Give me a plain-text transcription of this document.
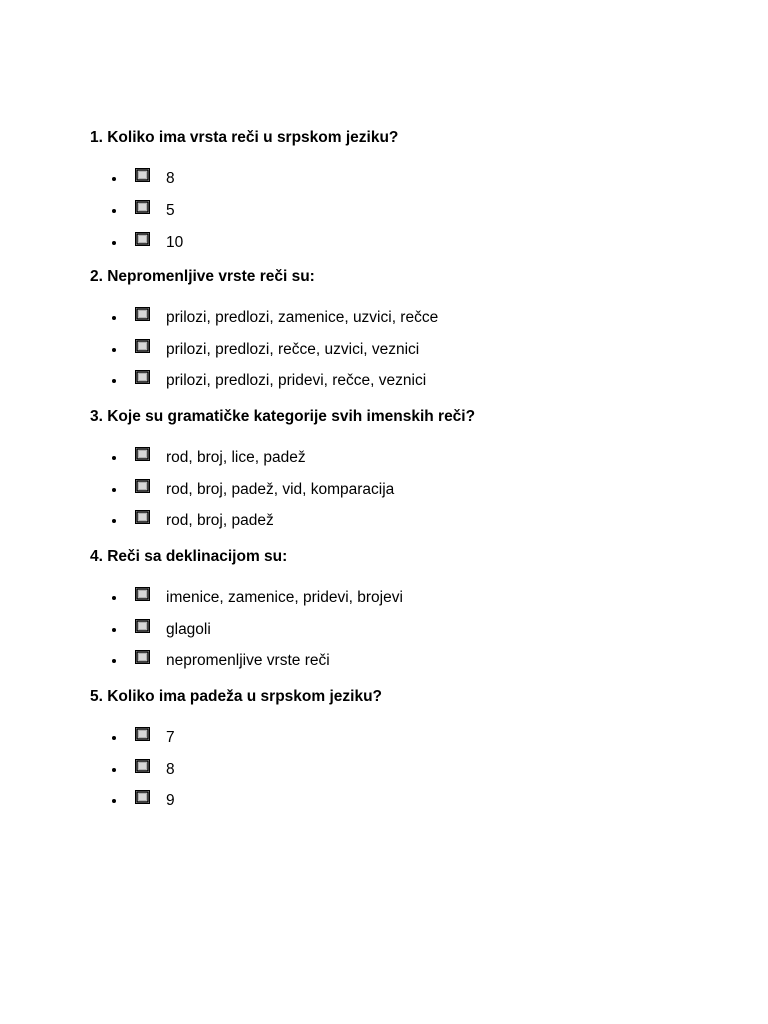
1. Koliko ima vrsta reči u srpskom jeziku?
8
5
10
2. Nepromenljive vrste reči su:
prilozi, predlozi, zamenice, uzvici, rečce
prilozi, predlozi, rečce, uzvici, veznici
prilozi, predlozi, pridevi, rečce, veznici
3. Koje su gramatičke kategorije svih imenskih reči?
rod, broj, lice, padež
rod, broj, padež, vid, komparacija
rod, broj, padež
4. Reči sa deklinacijom su:
imenice, zamenice, pridevi, brojevi
glagoli
nepromenljive vrste reči
5. Koliko ima padeža u srpskom jeziku?
7
8
9
